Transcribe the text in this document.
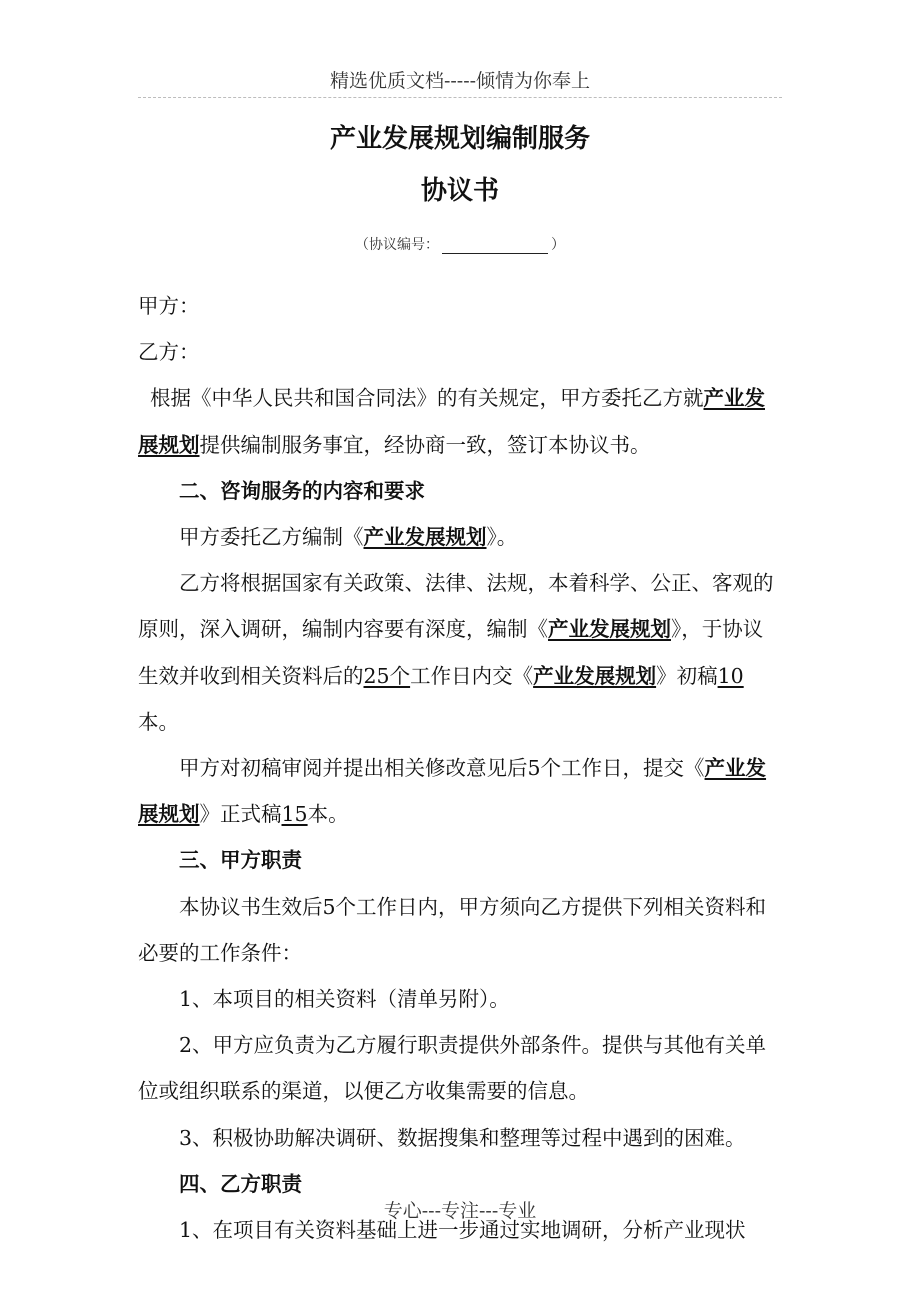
精选优质文档-----倾情为你奉上
产业发展规划编制服务
协议书
（协议编号：	）

甲方：

乙方：

根据《中华人民共和国合同法》的有关规定，甲方委托乙方就产业发展规划提供编制服务事宜，经协商一致，签订本协议书。

二、咨询服务的内容和要求

甲方委托乙方编制《产业发展规划》。

乙方将根据国家有关政策、法律、法规，本着科学、公正、客观的原则，深入调研，编制内容要有深度，编制《产业发展规划》，于协议生效并收到相关资料后的25个工作日内交《产业发展规划》初稿10本。

甲方对初稿审阅并提出相关修改意见后5个工作日，提交《产业发展规划》正式稿15本。

三、甲方职责

本协议书生效后5个工作日内，甲方须向乙方提供下列相关资料和必要的工作条件：

1、本项目的相关资料（清单另附）。

2、甲方应负责为乙方履行职责提供外部条件。提供与其他有关单位或组织联系的渠道，以便乙方收集需要的信息。

3、积极协助解决调研、数据搜集和整理等过程中遇到的困难。

四、乙方职责

1、在项目有关资料基础上进一步通过实地调研，分析产业现状

专心---专注---专业
